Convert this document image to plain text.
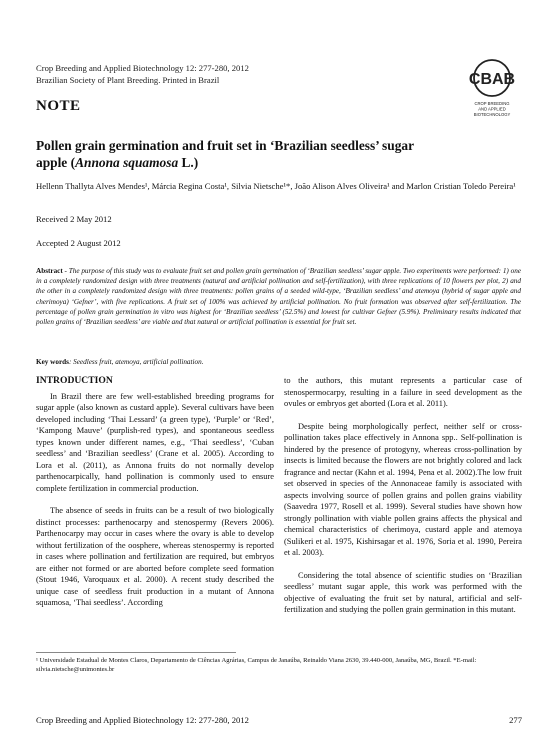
Crop Breeding and Applied Biotechnology 12: 277-280, 2012
Brazilian Society of Plant Breeding. Printed in Brazil	CBAB
CROP BREEDING
AND APPLIED
BIOTECHNOLOGY
NOTE
Pollen grain germination and fruit set in ‘Brazilian seedless’ sugar apple (Annona squamosa L.)
Hellenn Thallyta Alves Mendes¹, Márcia Regina Costa¹, Silvia Nietsche¹*, João Alison Alves Oliveira¹ and Marlon Cristian Toledo Pereira¹
Received 2 May 2012
Accepted 2 August 2012
Abstract - The purpose of this study was to evaluate fruit set and pollen grain germination of ‘Brazilian seedless’ sugar apple. Two experiments were performed: 1) one in a completely randomized design with three treatments (natural and artificial pollination and self-fertilization), with three replications of 10 flowers per plot, 2) and the other in a completely randomized design with three treatments: pollen grains of a seeded wild-type, ‘Brazilian seedless’ and atemoya (hybrid of sugar apple and cherimoya) ‘Gefner’, with five replications. A fruit set of 100% was achieved by artificial pollination. No fruit formation was observed after self-fertilization. The percentage of pollen grain germination in vitro was highest for ‘Brazilian seedless’ (52.5%) and lowest for cultivar Gefner (5.9%). Preliminary results indicated that pollen grains of ‘Brazilian seedless’ are viable and that natural or artificial pollination is essential for fruit set.
Key words: Seedless fruit, atemoya, artificial pollination.
INTRODUCTION

In Brazil there are few well-established breeding programs for sugar apple (also known as custard apple). Several cultivars have been developed including ‘Thai Lessard’ (a green type), ‘Purple’ or ‘Red’, ‘Kampong Mauve’ (purplish-red types), and spontaneous seedless types known under different names, e.g., ‘Thai seedless’, ‘Cuban seedless’ and ‘Brazilian seedless’ (Crane et al. 2005). According to Lora et al. (2011), as Annona fruits do not normally develop parthenocarpically, hand pollination is commonly used to ensure complete fertilization in commercial production.

The absence of seeds in fruits can be a result of two biologically distinct processes: parthenocarpy and stenospermy (Revers 2006). Parthenocarpy may occur in cases where the ovary is able to develop without fertilization of the oosphere, whereas stenospermy is reported in cases where pollination and fertilization are required, but embryos are either not formed or are aborted before complete seed formation (Stout 1946, Varoquaux et al. 2000). A recent study described the unique case of seedless fruit production in a mutant of Annona squamosa, ‘Thai seedless’. According

to the authors, this mutant represents a particular case of stenospermocarpy, resulting in a failure in seed development as the ovules or embryos get aborted (Lora et al. 2011).

Despite being morphologically perfect, neither self or cross-pollination takes place effectively in Annona spp.. Self-pollination is hindered by the presence of protogyny, whereas cross-pollination by insects is limited because the flowers are not brightly colored and lack fragrance and nectar (Kahn et al. 1994, Pena et al. 2002).The low fruit set observed in species of the Annonaceae family is associated with aspects involving source of pollen grains and pollen grains viability (Saavedra 1977, Rosell et al. 1999). Several studies have shown how strongly pollination with viable pollen grains affects the physical and chemical characteristics of cherimoya, custard apple and atemoya (Sulikeri et al. 1975, Kishirsagar et al. 1976, Soria et al. 1990, Pereira et al. 2003).

Considering the total absence of scientific studies on ‘Brazilian seedless’ mutant sugar apple, this work was performed with the objective of evaluating the fruit set by natural, artificial and self-fertilization and studying the pollen grain germination in this mutant.

¹ Universidade Estadual de Montes Claros, Departamento de Ciências Agrárias, Campus de Janaúba, Reinaldo Viana 2630, 39.440-000, Janaúba, MG, Brazil. *E-mail: silvia.nietsche@unimontes.br
Crop Breeding and Applied Biotechnology 12: 277-280, 2012	277
